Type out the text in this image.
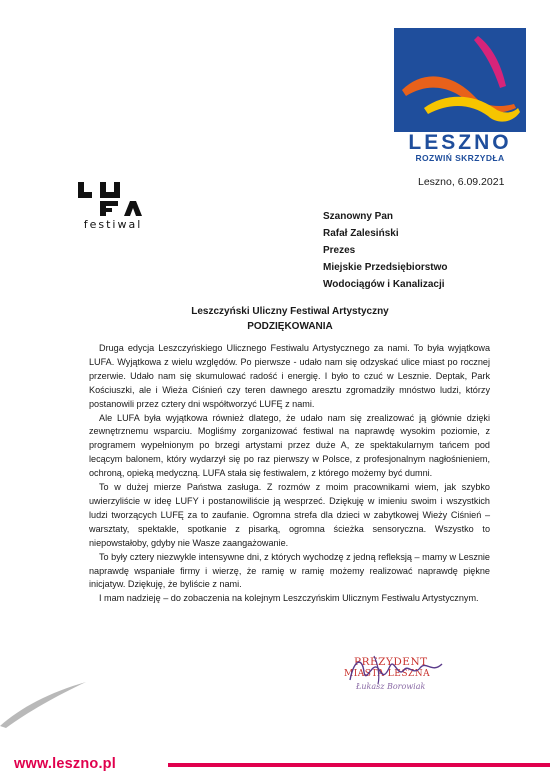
LESZNO
ROZWIŃ SKRZYDŁA
festiwal
Leszno, 6.09.2021
Szanowny Pan
Rafał Zalesiński
Prezes
Miejskie Przedsiębiorstwo
Wodociągów i Kanalizacji
Leszczyński Uliczny Festiwal Artystyczny
PODZIĘKOWANIA

Druga edycja Leszczyńskiego Ulicznego Festiwalu Artystycznego za nami. To była wyjątkowa LUFA. Wyjątkowa z wielu względów. Po pierwsze - udało nam się odzyskać ulice miast po rocznej przerwie. Udało nam się skumulować radość i energię. I było to czuć w Lesznie. Deptak, Park Kościuszki, ale i Wieża Ciśnień czy teren dawnego aresztu zgromadziły mnóstwo ludzi, którzy postanowili przez cztery dni współtworzyć LUFĘ z nami.

Ale LUFA była wyjątkowa również dlatego, że udało nam się zrealizować ją głównie dzięki zewnętrznemu wsparciu. Mogliśmy zorganizować festiwal na naprawdę wysokim poziomie, z programem wypełnionym po brzegi artystami przez duże A, ze spektakularnym tańcem pod lecącym balonem, który wydarzył się po raz pierwszy w Polsce, z profesjonalnym nagłośnieniem, ochroną, opieką medyczną. LUFA stała się festiwalem, z którego możemy być dumni.

To w dużej mierze Państwa zasługa. Z rozmów z moim pracownikami wiem, jak szybko uwierzyliście w ideę LUFY i postanowiliście ją wesprzeć. Dziękuję w imieniu swoim i wszystkich ludzi tworzących LUFĘ za to zaufanie. Ogromna strefa dla dzieci w zabytkowej Wieży Ciśnień – warsztaty, spektakle, spotkanie z pisarką, ogromna ścieżka sensoryczna. Wszystko to niepowstałoby, gdyby nie Wasze zaangażowanie.

To były cztery niezwykle intensywne dni, z których wychodzę z jedną refleksją – mamy w Lesznie naprawdę wspaniałe firmy i wierzę, że ramię w ramię możemy realizować naprawdę piękne inicjatyw. Dziękuję, że byliście z nami.

I mam nadzieję – do zobaczenia na kolejnym Leszczyńskim Ulicznym Festiwalu Artystycznym.

PREZYDENT
MIASTA LESZNA
Łukasz Borowiak
www.leszno.pl
